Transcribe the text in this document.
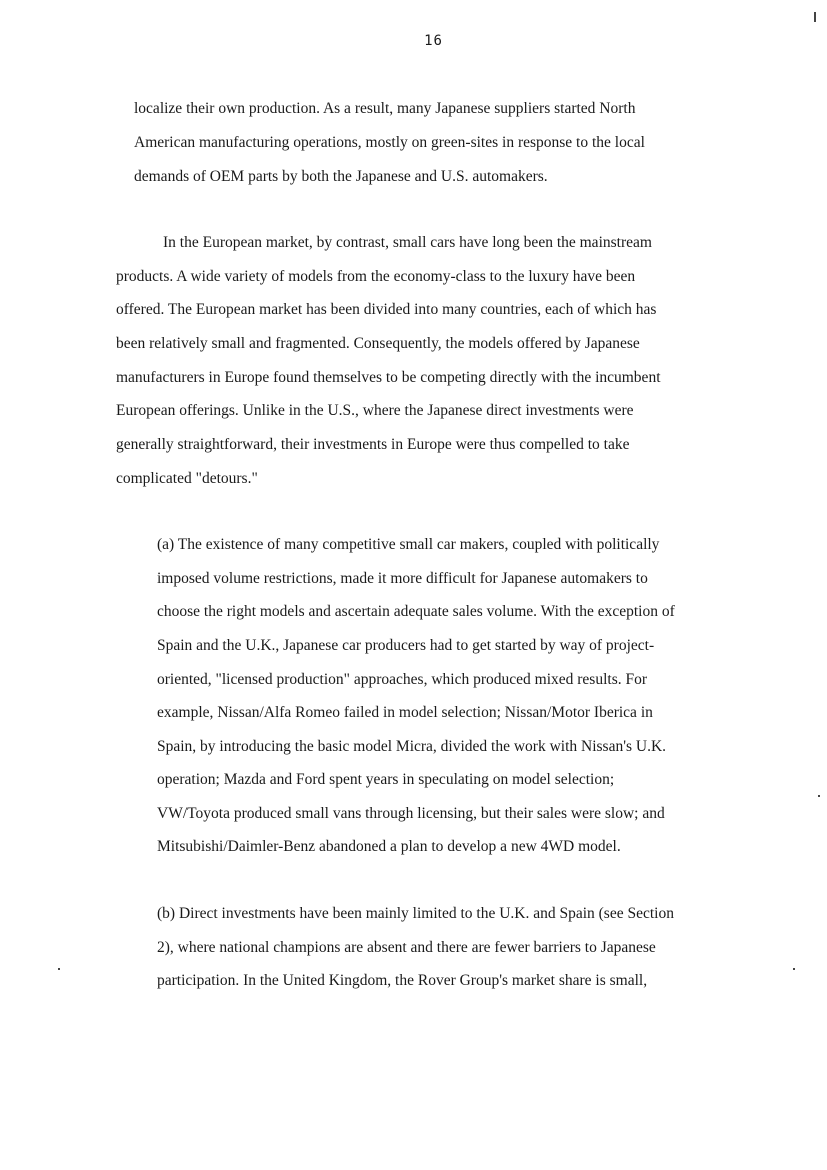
16
localize their own production. As a result, many Japanese suppliers started North
American manufacturing operations, mostly on green-sites in response to the local
demands of OEM parts by both the Japanese and U.S. automakers.
In the European market, by contrast, small cars have long been the mainstream
products. A wide variety of models from the economy-class to the luxury have been
offered. The European market has been divided into many countries, each of which has
been relatively small and fragmented. Consequently, the models offered by Japanese
manufacturers in Europe found themselves to be competing directly with the incumbent
European offerings. Unlike in the U.S., where the Japanese direct investments were
generally straightforward, their investments in Europe were thus compelled to take
complicated "detours."
(a) The existence of many competitive small car makers, coupled with politically
imposed volume restrictions, made it more difficult for Japanese automakers to
choose the right models and ascertain adequate sales volume. With the exception of
Spain and the U.K., Japanese car producers had to get started by way of project-
oriented, "licensed production" approaches, which produced mixed results. For
example, Nissan/Alfa Romeo failed in model selection; Nissan/Motor Iberica in
Spain, by introducing the basic model Micra, divided the work with Nissan's U.K.
operation; Mazda and Ford spent years in speculating on model selection;
VW/Toyota produced small vans through licensing, but their sales were slow; and
Mitsubishi/Daimler-Benz abandoned a plan to develop a new 4WD model.
(b) Direct investments have been mainly limited to the U.K. and Spain (see Section
2), where national champions are absent and there are fewer barriers to Japanese
participation. In the United Kingdom, the Rover Group's market share is small,
